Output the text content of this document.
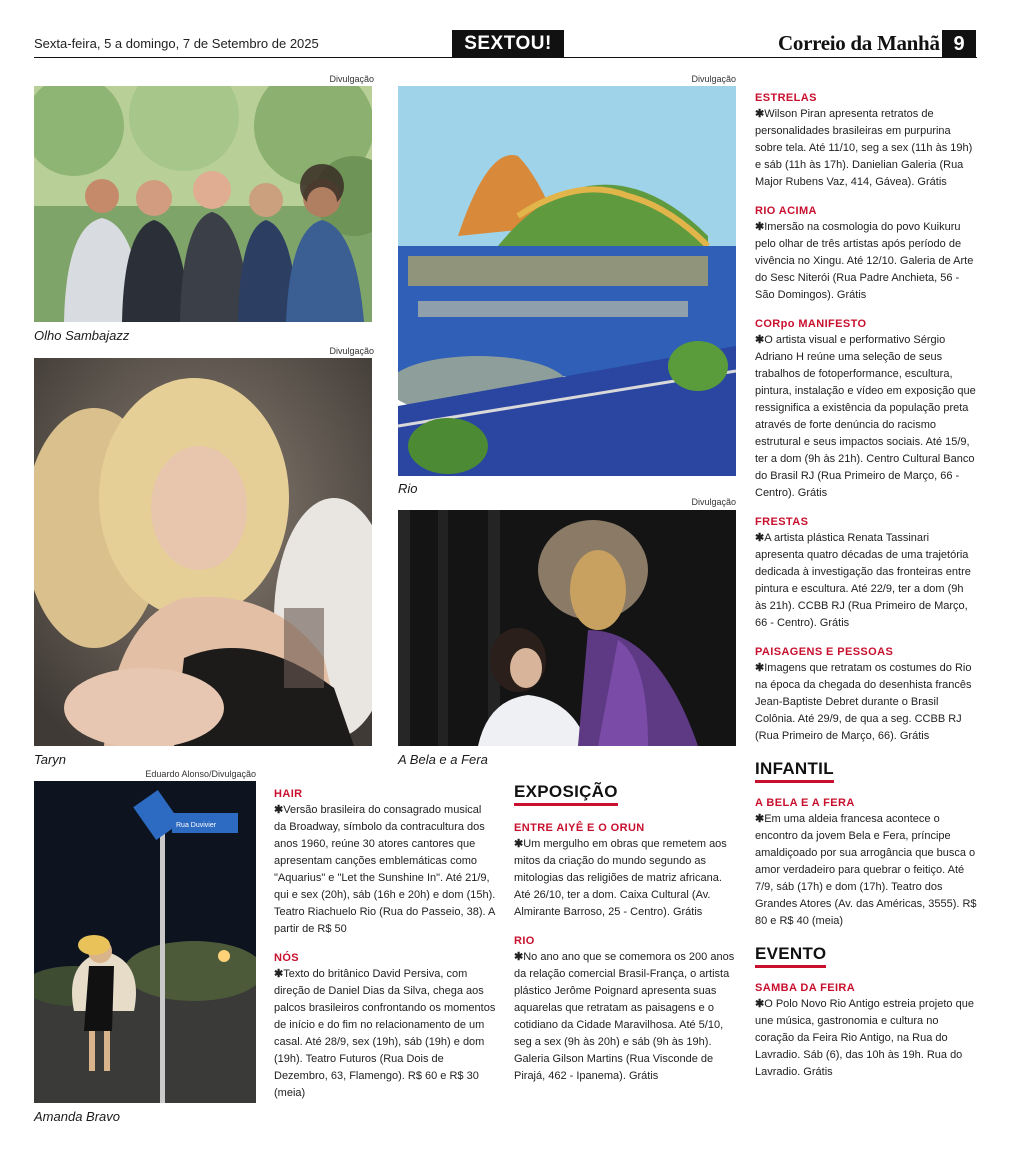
Sexta-feira, 5 a domingo, 7 de Setembro de 2025	SEXTOU!	Correio da Manhã 9
Divulgação
Olho Sambajazz
Divulgação
Taryn
Divulgação
Rio
Divulgação
A Bela e a Fera
Eduardo Alonso/Divulgação
Rua Duvivier
Amanda Bravo
HAIR
✱Versão brasileira do consagrado musical da Broadway, símbolo da contracultura dos anos 1960, reúne 30 atores cantores que apresentam canções emblemáticas como "Aquarius" e "Let the Sunshine In". Até 21/9, qui e sex (20h), sáb (16h e 20h) e dom (15h). Teatro Riachuelo Rio (Rua do Passeio, 38). A partir de R$ 50
NÓS
✱Texto do britânico David Persiva, com direção de Daniel Dias da Silva, chega aos palcos brasileiros confrontando os momentos de início e do fim no relacionamento de um casal. Até 28/9, sex (19h), sáb (19h) e dom (19h). Teatro Futuros (Rua Dois de Dezembro, 63, Flamengo). R$ 60 e R$ 30 (meia)
EXPOSIÇÃO
ENTRE AIYÊ E O ORUN
✱Um mergulho em obras que remetem aos mitos da criação do mundo segundo as mitologias das religiões de matriz africana. Até 26/10, ter a dom. Caixa Cultural (Av. Almirante Barroso, 25 - Centro). Grátis
RIO
✱No ano ano que se comemora os 200 anos da relação comercial Brasil-França, o artista plástico Jerôme Poignard apresenta suas aquarelas que retratam as paisagens e o cotidiano da Cidade Maravilhosa. Até 5/10, seg a sex (9h às 20h) e sáb (9h às 19h). Galeria Gilson Martins (Rua Visconde de Pirajá, 462 - Ipanema). Grátis
ESTRELAS
✱Wilson Piran apresenta retratos de personalidades brasileiras em purpurina sobre tela. Até 11/10, seg a sex (11h às 19h) e sáb (11h às 17h). Danielian Galeria (Rua Major Rubens Vaz, 414, Gávea). Grátis
RIO ACIMA
✱Imersão na cosmologia do povo Kuikuru pelo olhar de três artistas após período de vivência no Xingu. Até 12/10. Galeria de Arte do Sesc Niterói (Rua Padre Anchieta, 56 - São Domingos). Grátis
CORpo MANIFESTO
✱O artista visual e performativo Sérgio Adriano H reúne uma seleção de seus trabalhos de fotoperformance, escultura, pintura, instalação e vídeo em exposição que ressignifica a existência da população preta através de forte denúncia do racismo estrutural e seus impactos sociais. Até 15/9, ter a dom (9h às 21h). Centro Cultural Banco do Brasil RJ (Rua Primeiro de Março, 66 - Centro). Grátis
FRESTAS
✱A artista plástica Renata Tassinari apresenta quatro décadas de uma trajetória dedicada à investigação das fronteiras entre pintura e escultura. Até 22/9, ter a dom (9h às 21h). CCBB RJ (Rua Primeiro de Março, 66 - Centro). Grátis
PAISAGENS E PESSOAS
✱Imagens que retratam os costumes do Rio na época da chegada do desenhista francês Jean-Baptiste Debret durante o Brasil Colônia. Até 29/9, de qua a seg. CCBB RJ (Rua Primeiro de Março, 66). Grátis
INFANTIL
A BELA E A FERA
✱Em uma aldeia francesa acontece o encontro da jovem Bela e Fera, príncipe amaldiçoado por sua arrogância que busca o amor verdadeiro para quebrar o feitiço. Até 7/9, sáb (17h) e dom (17h). Teatro dos Grandes Atores (Av. das Américas, 3555). R$ 80 e R$ 40 (meia)
EVENTO
SAMBA DA FEIRA
✱O Polo Novo Rio Antigo estreia projeto que une música, gastronomia e cultura no coração da Feira Rio Antigo, na Rua do Lavradio. Sáb (6), das 10h às 19h. Rua do Lavradio. Grátis
